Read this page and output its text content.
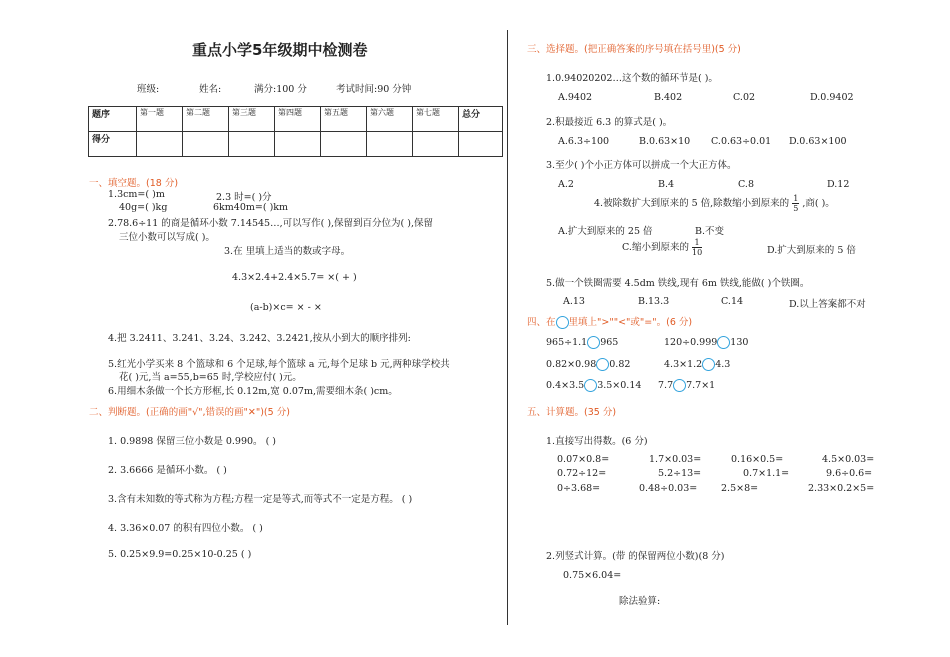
重点小学5年级期中检测卷
班级:	姓名:	满分:100 分	考试时间:90 分钟
题序	第一题	第二题	第三题	第四题	第五题	第六题	第七题	总分
得分								
一、填空题。(18 分)
1.3cm=( )m	2.3 时=( )分
40g=( )kg	6km40m=( )km
2.78.6÷11 的商是循环小数 7.14545…,可以写作( ),保留到百分位为( ),保留
三位小数可以写成( )。
3.在 里填上适当的数或字母。
4.3×2.4+2.4×5.7= ×( + )
(a-b)×c= × - ×
4.把 3.2411、3.241、3.24、3.242、3.2421,按从小到大的顺序排列:
5.红光小学买来 8 个篮球和 6 个足球,每个篮球 a 元,每个足球 b 元,两种球学校共
花( )元,当 a=55,b=65 时,学校应付( )元。
6.用细木条做一个长方形框,长 0.12m,宽 0.07m,需要细木条( )cm。
二、判断题。(正确的画"√",错误的画"✕")(5 分)
1. 0.9898 保留三位小数是 0.990。 ( )
2. 3.6666 是循环小数。 ( )
3.含有未知数的等式称为方程;方程一定是等式,而等式不一定是方程。 ( )
4. 3.36×0.07 的积有四位小数。 ( )
5. 0.25×9.9=0.25×10-0.25 ( )
三、选择题。(把正确答案的序号填在括号里)(5 分)
1.0.94020202…这个数的循环节是( )。
A.9402	B.402	C.02	D.0.9402
2.积最接近 6.3 的算式是( )。
A.6.3÷100	B.0.63×10 C.0.63÷0.01 D.0.63×100
3.至少( )个小正方体可以拼成一个大正方体。
A.2	B.4	C.8	D.12
4.被除数扩大到原来的 5 倍,除数缩小到原来的 $\frac{1}{5}$ ,商( )。
A.扩大到原来的 25 倍	B.不变
C.缩小到原来的 $\frac{1}{10}$	D.扩大到原来的 5 倍
5.做一个铁圈需要 4.5dm 铁线,现有 6m 铁线,能做( )个铁圈。
A.13	B.13.3	C.14	D.以上答案都不对
四、在 里填上">""<"或"="。(6 分)
965÷1.1 965	120÷0.999 130
0.82×0.98 0.82	4.3×1.2 4.3
0.4×3.5 3.5×0.14 7.7 7.7×1
五、计算题。(35 分)
1.直接写出得数。(6 分)
0.07×0.8=	1.7×0.03=	0.16×0.5=	4.5×0.03=
0.72÷12=	5.2÷13=	0.7×1.1=	9.6÷0.6=
0÷3.68=	0.48÷0.03=	2.5×8=	2.33×0.2×5=
2.列竖式计算。(带 的保留两位小数)(8 分)
0.75×6.04=
除法验算:
